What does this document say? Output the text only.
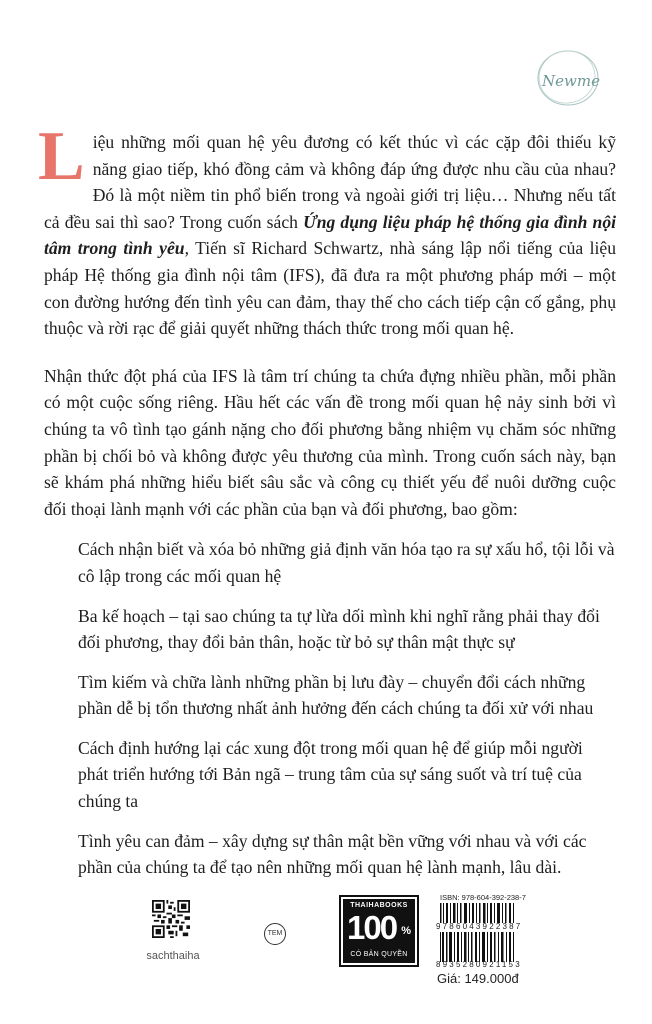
Newme

Liệu những mối quan hệ yêu đương có kết thúc vì các cặp đôi thiếu kỹ năng giao tiếp, khó đồng cảm và không đáp ứng được nhu cầu của nhau? Đó là một niềm tin phổ biến trong và ngoài giới trị liệu… Nhưng nếu tất cả đều sai thì sao? Trong cuốn sách Ứng dụng liệu pháp hệ thống gia đình nội tâm trong tình yêu, Tiến sĩ Richard Schwartz, nhà sáng lập nổi tiếng của liệu pháp Hệ thống gia đình nội tâm (IFS), đã đưa ra một phương pháp mới – một con đường hướng đến tình yêu can đảm, thay thế cho cách tiếp cận cố gắng, phụ thuộc và rời rạc để giải quyết những thách thức trong mối quan hệ.

Nhận thức đột phá của IFS là tâm trí chúng ta chứa đựng nhiều phần, mỗi phần có một cuộc sống riêng. Hầu hết các vấn đề trong mối quan hệ nảy sinh bởi vì chúng ta vô tình tạo gánh nặng cho đối phương bằng nhiệm vụ chăm sóc những phần bị chối bỏ và không được yêu thương của mình. Trong cuốn sách này, bạn sẽ khám phá những hiểu biết sâu sắc và công cụ thiết yếu để nuôi dưỡng cuộc đối thoại lành mạnh với các phần của bạn và đối phương, bao gồm:

Cách nhận biết và xóa bỏ những giả định văn hóa tạo ra sự xấu hổ, tội lỗi và cô lập trong các mối quan hệ

Ba kế hoạch – tại sao chúng ta tự lừa dối mình khi nghĩ rằng phải thay đổi đối phương, thay đổi bản thân, hoặc từ bỏ sự thân mật thực sự

Tìm kiếm và chữa lành những phần bị lưu đày – chuyển đổi cách những phần dễ bị tổn thương nhất ảnh hưởng đến cách chúng ta đối xử với nhau

Cách định hướng lại các xung đột trong mối quan hệ để giúp mỗi người phát triển hướng tới Bản ngã – trung tâm của sự sáng suốt và trí tuệ của chúng ta

Tình yêu can đảm – xây dựng sự thân mật bền vững với nhau và với các phần của chúng ta để tạo nên những mối quan hệ lành mạnh, lâu dài.

sachthaiha
TEM
THAIHABOOKS
100 %
CÓ BẢN QUYỀN
ISBN: 978-604-392-238-7
9786043922387
8935280921153
Giá: 149.000đ
